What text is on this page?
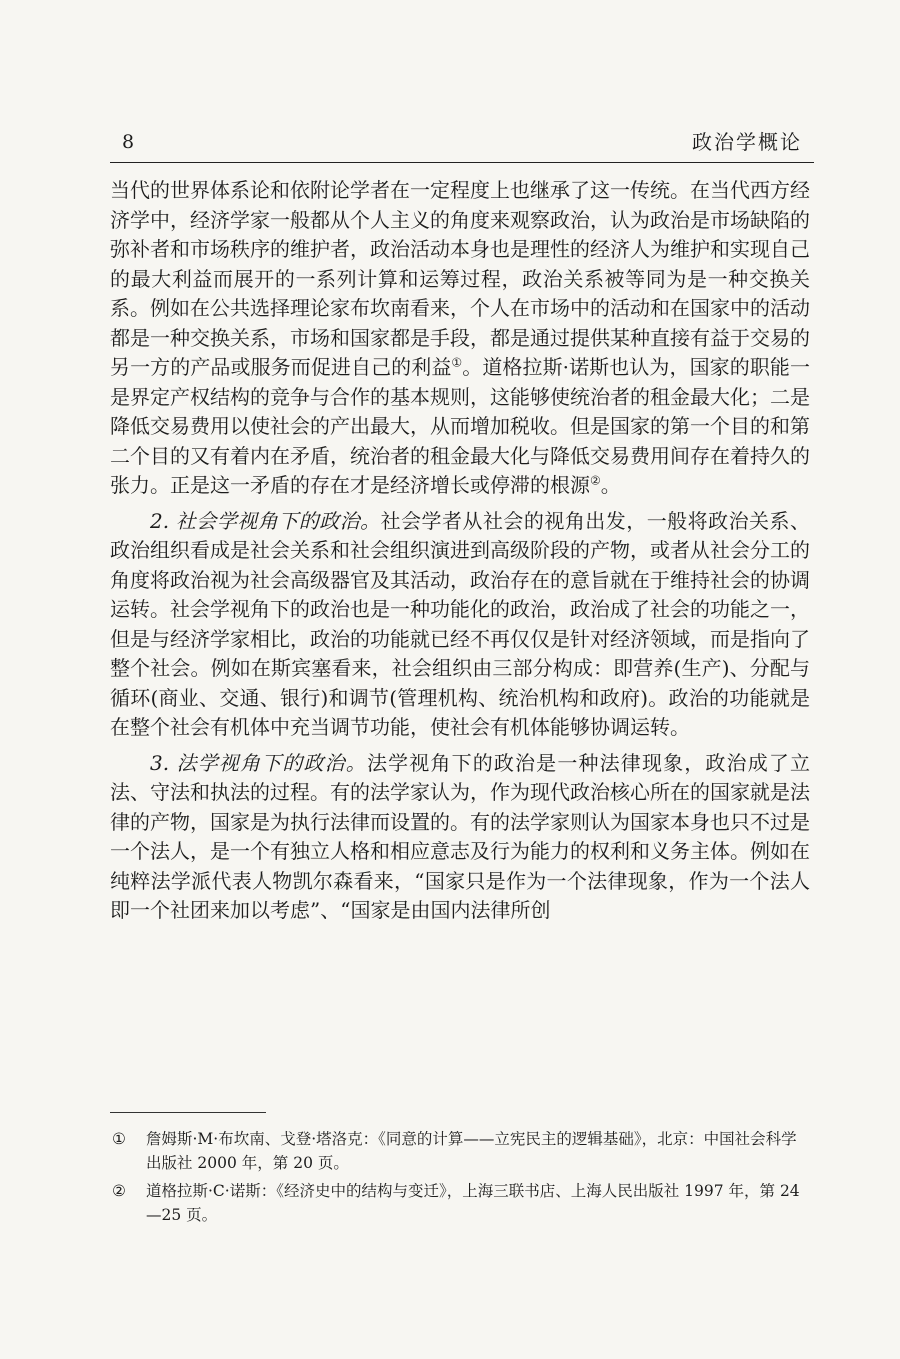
8	政治学概论

当代的世界体系论和依附论学者在一定程度上也继承了这一传统。在当代西方经济学中，经济学家一般都从个人主义的角度来观察政治，认为政治是市场缺陷的弥补者和市场秩序的维护者，政治活动本身也是理性的经济人为维护和实现自己的最大利益而展开的一系列计算和运筹过程，政治关系被等同为是一种交换关系。例如在公共选择理论家布坎南看来，个人在市场中的活动和在国家中的活动都是一种交换关系，市场和国家都是手段，都是通过提供某种直接有益于交易的另一方的产品或服务而促进自己的利益①。道格拉斯·诺斯也认为，国家的职能一是界定产权结构的竞争与合作的基本规则，这能够使统治者的租金最大化；二是降低交易费用以使社会的产出最大，从而增加税收。但是国家的第一个目的和第二个目的又有着内在矛盾，统治者的租金最大化与降低交易费用间存在着持久的张力。正是这一矛盾的存在才是经济增长或停滞的根源②。

2. 社会学视角下的政治。社会学者从社会的视角出发，一般将政治关系、政治组织看成是社会关系和社会组织演进到高级阶段的产物，或者从社会分工的角度将政治视为社会高级器官及其活动，政治存在的意旨就在于维持社会的协调运转。社会学视角下的政治也是一种功能化的政治，政治成了社会的功能之一，但是与经济学家相比，政治的功能就已经不再仅仅是针对经济领域，而是指向了整个社会。例如在斯宾塞看来，社会组织由三部分构成：即营养(生产)、分配与循环(商业、交通、银行)和调节(管理机构、统治机构和政府)。政治的功能就是在整个社会有机体中充当调节功能，使社会有机体能够协调运转。

3. 法学视角下的政治。法学视角下的政治是一种法律现象，政治成了立法、守法和执法的过程。有的法学家认为，作为现代政治核心所在的国家就是法律的产物，国家是为执行法律而设置的。有的法学家则认为国家本身也只不过是一个法人，是一个有独立人格和相应意志及行为能力的权利和义务主体。例如在纯粹法学派代表人物凯尔森看来，“国家只是作为一个法律现象，作为一个法人即一个社团来加以考虑”、“国家是由国内法律所创

① 詹姆斯·M·布坎南、戈登·塔洛克：《同意的计算——立宪民主的逻辑基础》，北京：中国社会科学出版社 2000 年，第 20 页。
② 道格拉斯·C·诺斯：《经济史中的结构与变迁》，上海三联书店、上海人民出版社 1997 年，第 24—25 页。
